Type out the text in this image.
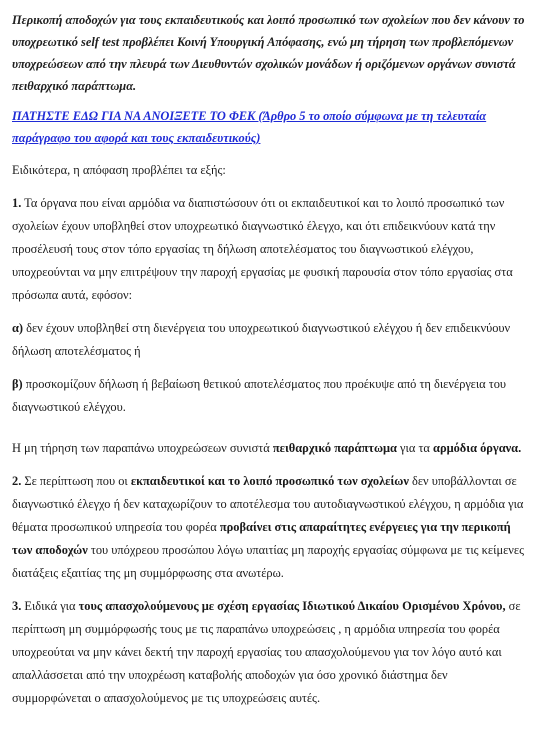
Περικοπή αποδοχών για τους εκπαιδευτικούς και λοιπό προσωπικό των σχολείων που δεν κάνουν το υποχρεωτικό self test προβλέπει Κοινή Υπουργική Απόφασης, ενώ μη τήρηση των προβλεπόμενων υποχρεώσεων από την πλευρά των Διευθυντών σχολικών μονάδων ή οριζόμενων οργάνων συνιστά πειθαρχικό παράπτωμα.

ΠΑΤΗΣΤΕ ΕΔΩ ΓΙΑ ΝΑ ΑΝΟΙΞΕΤΕ ΤΟ ΦΕΚ (Άρθρο 5 το οποίο σύμφωνα με τη τελευταία παράγραφο του αφορά και τους εκπαιδευτικούς)

Ειδικότερα, η απόφαση προβλέπει τα εξής:

1. Τα όργανα που είναι αρμόδια να διαπιστώσουν ότι οι εκπαιδευτικοί και το λοιπό προσωπικό των σχολείων έχουν υποβληθεί στον υποχρεωτικό διαγνωστικό έλεγχο, και ότι επιδεικνύουν κατά την προσέλευσή τους στον τόπο εργασίας τη δήλωση αποτελέσματος του διαγνωστικού ελέγχου, υποχρεούνται να μην επιτρέψουν την παροχή εργασίας με φυσική παρουσία στον τόπο εργασίας στα πρόσωπα αυτά, εφόσον:

α) δεν έχουν υποβληθεί στη διενέργεια του υποχρεωτικού διαγνωστικού ελέγχου ή δεν επιδεικνύουν δήλωση αποτελέσματος ή

β) προσκομίζουν δήλωση ή βεβαίωση θετικού αποτελέσματος που προέκυψε από τη διενέργεια του διαγνωστικού ελέγχου.

Η μη τήρηση των παραπάνω υποχρεώσεων συνιστά πειθαρχικό παράπτωμα για τα αρμόδια όργανα.

2. Σε περίπτωση που οι εκπαιδευτικοί και το λοιπό προσωπικό των σχολείων δεν υποβάλλονται σε διαγνωστικό έλεγχο ή δεν καταχωρίζουν το αποτέλεσμα του αυτοδιαγνωστικού ελέγχου, η αρμόδια για θέματα προσωπικού υπηρεσία του φορέα προβαίνει στις απαραίτητες ενέργειες για την περικοπή των αποδοχών του υπόχρεου προσώπου λόγω υπαιτίας μη παροχής εργασίας σύμφωνα με τις κείμενες διατάξεις εξαιτίας της μη συμμόρφωσης στα ανωτέρω.

3. Ειδικά για τους απασχολούμενους με σχέση εργασίας Ιδιωτικού Δικαίου Ορισμένου Χρόνου, σε περίπτωση μη συμμόρφωσής τους με τις παραπάνω υποχρεώσεις , η αρμόδια υπηρεσία του φορέα υποχρεούται να μην κάνει δεκτή την παροχή εργασίας του απασχολούμενου για τον λόγο αυτό και απαλλάσσεται από την υποχρέωση καταβολής αποδοχών για όσο χρονικό διάστημα δεν συμμορφώνεται ο απασχολούμενος με τις υποχρεώσεις αυτές.
